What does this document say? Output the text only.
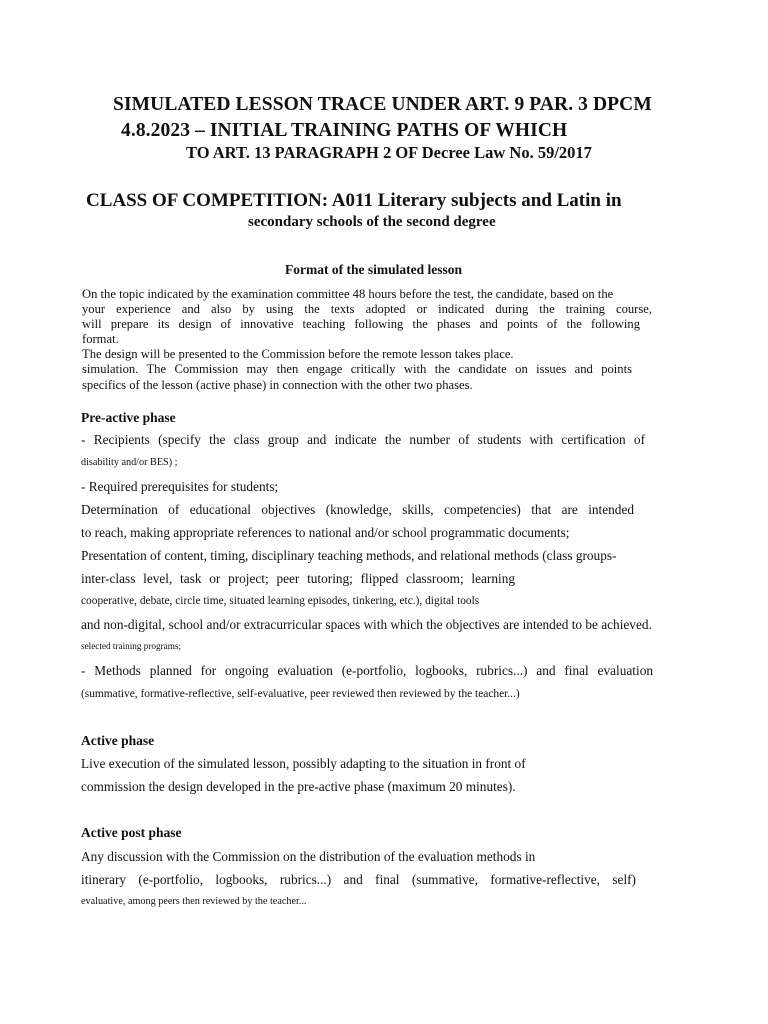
SIMULATED LESSON TRACE UNDER ART. 9 PAR. 3 DPCM
4.8.2023 – INITIAL TRAINING PATHS OF WHICH
TO ART. 13 PARAGRAPH 2 OF Decree Law No. 59/2017
CLASS OF COMPETITION: A011 Literary subjects and Latin in
secondary schools of the second degree
Format of the simulated lesson
On the topic indicated by the examination committee 48 hours before the test, the candidate, based on the
your experience and also by using the texts adopted or indicated during the training course,
will prepare its design of innovative teaching following the phases and points of the following
format.
The design will be presented to the Commission before the remote lesson takes place.
simulation. The Commission may then engage critically with the candidate on issues and points
specifics of the lesson (active phase) in connection with the other two phases.
Pre-active phase
- Recipients (specify the class group and indicate the number of students with certification of
disability and/or BES) ;
- Required prerequisites for students;
Determination of educational objectives (knowledge, skills, competencies) that are intended
to reach, making appropriate references to national and/or school programmatic documents;
Presentation of content, timing, disciplinary teaching methods, and relational methods (class groups-
inter-class level, task or project; peer tutoring; flipped classroom; learning
cooperative, debate, circle time, situated learning episodes, tinkering, etc.), digital tools
and non-digital, school and/or extracurricular spaces with which the objectives are intended to be achieved.
selected training programs;
- Methods planned for ongoing evaluation (e-portfolio, logbooks, rubrics...) and final evaluation
(summative, formative-reflective, self-evaluative, peer reviewed then reviewed by the teacher...)
Active phase
Live execution of the simulated lesson, possibly adapting to the situation in front of
commission the design developed in the pre-active phase (maximum 20 minutes).
Active post phase
Any discussion with the Commission on the distribution of the evaluation methods in
itinerary (e-portfolio, logbooks, rubrics...) and final (summative, formative-reflective, self)
evaluative, among peers then reviewed by the teacher...
